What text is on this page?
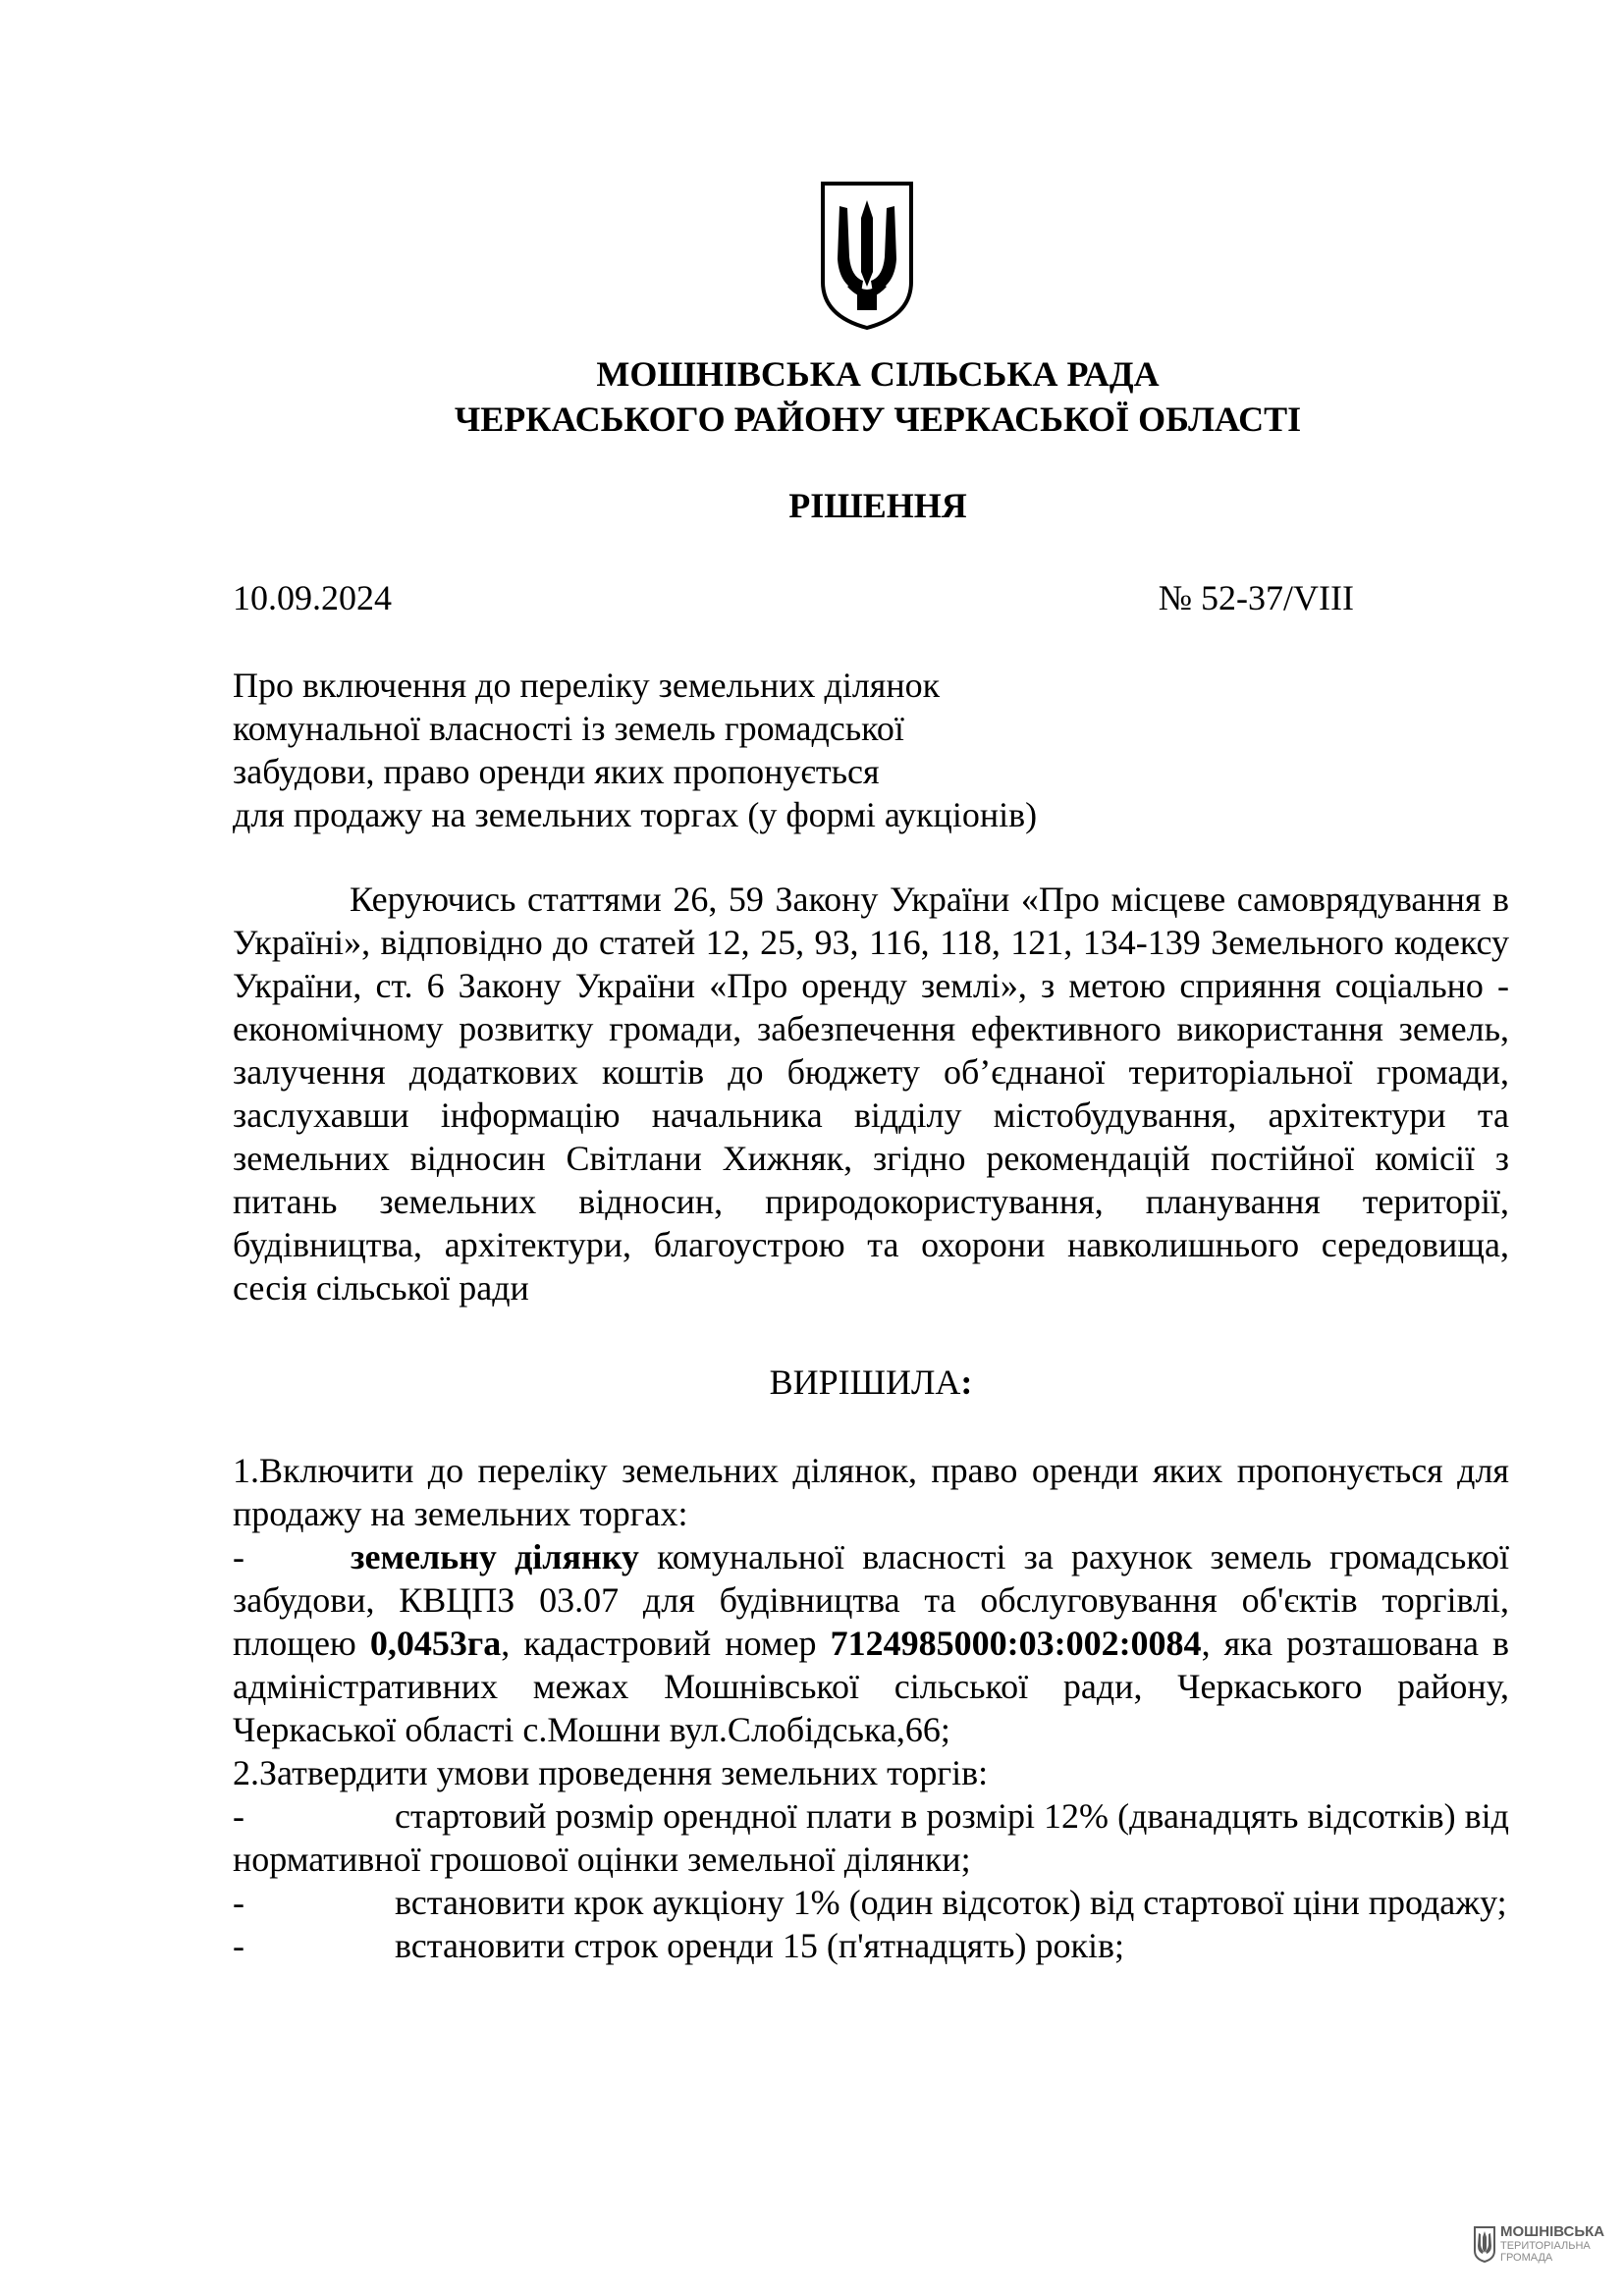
МОШНІВСЬКА СІЛЬСЬКА РАДА
ЧЕРКАСЬКОГО РАЙОНУ ЧЕРКАСЬКОЇ ОБЛАСТІ
РІШЕННЯ
10.09.2024	№ 52-37/VIII
Про включення до переліку земельних ділянок
комунальної власності із земель громадської
забудови, право оренди яких пропонується
для продажу на земельних торгах (у формі аукціонів)

Керуючись статтями 26, 59 Закону України «Про місцеве самоврядування в Україні», відповідно до статей 12, 25, 93, 116, 118, 121, 134-139 Земельного кодексу України, ст. 6 Закону України «Про оренду землі», з метою сприяння соціально - економічному розвитку громади, забезпечення ефективного використання земель, залучення додаткових коштів до бюджету об’єднаної територіальної громади, заслухавши інформацію начальника відділу містобудування, архітектури та земельних відносин Світлани Хижняк, згідно рекомендацій постійної комісії з питань земельних відносин, природокористування, планування території, будівництва, архітектури, благоустрою та охорони навколишнього середовища, сесія сільської ради

ВИРІШИЛА:

1.Включити до переліку земельних ділянок, право оренди яких пропонується для продажу на земельних торгах:

-	земельну ділянку комунальної власності за рахунок земель громадської забудови, КВЦПЗ 03.07 для будівництва та обслуговування об'єктів торгівлі, площею 0,0453га, кадастровий номер 7124985000:03:002:0084, яка розташована в адміністративних межах Мошнівської сільської ради, Черкаського району, Черкаської області с.Мошни вул.Слобідська,66;

2.Затвердити умови проведення земельних торгів:

-	стартовий розмір орендної плати в розмірі 12% (дванадцять відсотків) від нормативної грошової оцінки земельної ділянки;

-	встановити крок аукціону 1% (один відсоток) від стартової ціни продажу;

-	встановити строк оренди 15 (п'ятнадцять) років;

МОШНІВСЬКА
ТЕРИТОРІАЛЬНА
ГРОМАДА
